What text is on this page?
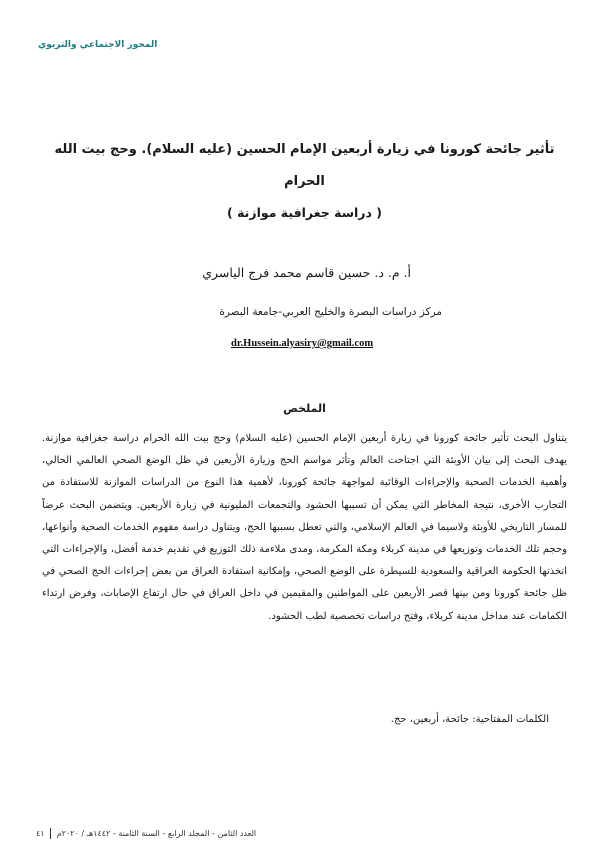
المحور الاجتماعي والتربوي
تأثير جائحة كورونا في زيارة أربعين الإمام الحسين (عليه السلام). وحج بيت الله
الحرام
( دراسة جغرافية موازنة )
أ. م. د. حسين قاسم محمد فرج الياسري
مركز دراسات البصرة والخليج العربي-جامعة البصرة
dr.Hussein.alyasiry@gmail.com
الملخص

يتناول البحث تأثير جائحة كورونا في زيارة أربعين الإمام الحسين (عليه السلام) وحج بيت الله الحرام دراسة جغرافية موازنة. يهدف البحث إلى بيان الأوبئة التي اجتاحت العالم وتأثر مواسم الحج وزيارة الأربعين في ظل الوضع الصحي العالمي الحالي، وأهمية الخدمات الصحية والإجراءات الوقائية لمواجهة جائحة كورونا، لأهمية هذا النوع من الدراسات الموازنة للاستفادة من التجارب الأخرى، نتيجة المخاطر التي يمكن أن تسببها الحشود والتجمعات المليونية في زيارة الأربعين. ويتضمن البحث عرضاً للمسار التاريخي للأوبئة ولاسيما في العالم الإسلامي، والتي تعطل بسببها الحج، ويتناول دراسة مفهوم الخدمات الصحية وأنواعها، وحجم تلك الخدمات وتوزيعها في مدينة كربلاء ومكة المكرمة، ومدى ملاءمة ذلك التوزيع في تقديم خدمة أفضل، والإجراءات التي اتخذتها الحكومة العراقية والسعودية للسيطرة على الوضع الصحي، وإمكانية استفادة العراق من بعض إجراءات الحج الصحي في ظل جائحة كورونا ومن بينها قصر الأربعين على المواطنين والمقيمين في داخل العراق في حال ارتفاع الإصابات، وفرض ارتداء الكمامات عند مداخل مدينة كربلاء، وفتح دراسات تخصصية لطب الحشود.

الكلمات المفتاحية: جائحة، أربعين، حج.
العدد الثامن - المجلد الرابع - السنة الثامنة - ١٤٤٢هـ / ٢٠٢٠م  ٤١
